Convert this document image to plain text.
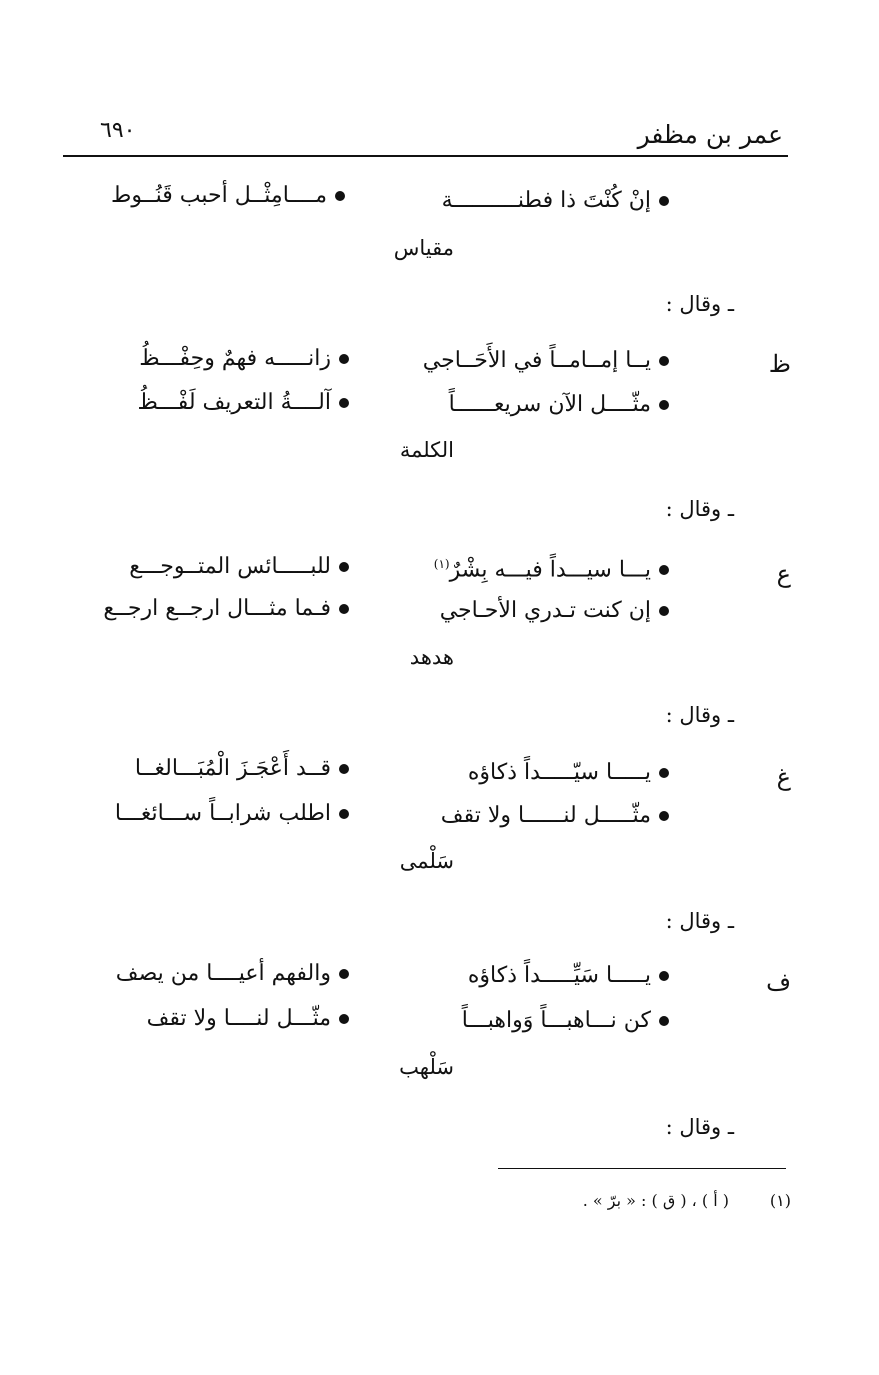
عمر بن مظفر
٦٩٠
إنْ كُنْتَ ذا فطنــــــــــة
مــــامِثْــل أحبب قَنُــوط
مقياس
ـ وقال :
ظ
يــا إمــامــاً في الأَحَــاجي
زانـــــه فهمٌ وحِفْـــظُ
مثّــــل الآن سريعــــــاً
آلــــةُ التعريف لَفْـــظُ
الكلمة
ـ وقال :
ع
يـــا سيـــداً فيـــه بِشْرٌ$^{(١)}$
للبـــــائس المتــوجـــع
إن كنت تـدري الأحـاجي
فـما مثـــال ارجــع ارجــع
هدهد
ـ وقال :
غ
يـــــا سيّـــــداً ذكاؤه
قــد أَعْجَـزَ الْمُبَـــالغــا
مثّـــــل لنــــــا ولا تقف
اطلب شرابــاً ســـائغـــا
سَلْمى
ـ وقال :
ف
يـــــا سَيِّـــــداً ذكاؤه
والفهم أعيــــا من يصف
كن نـــاهبـــاً وَواهبـــاً
مثّـــل لنــــا ولا تقف
سَلْهب
ـ وقال :
(١)
( أ ) ، ( ق ) : « برّ » .
